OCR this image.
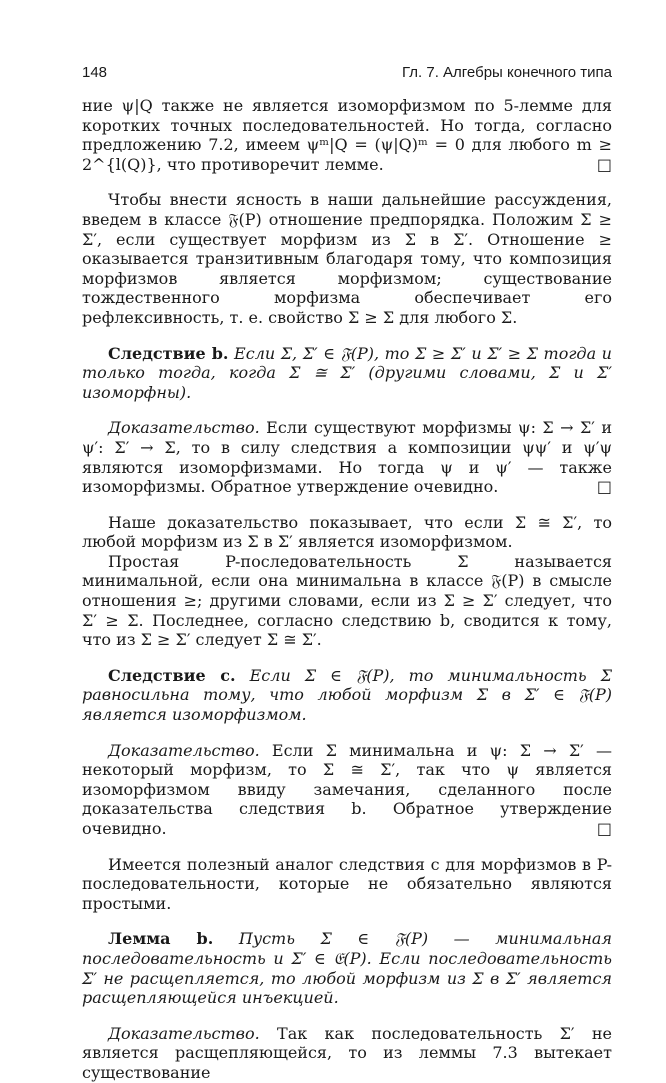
148	Гл. 7. Алгебры конечного типа

ние ψ|Q также не является изоморфизмом по 5-лемме для коротких точных последовательностей. Но тогда, согласно предложению 7.2, имеем ψᵐ|Q = (ψ|Q)ᵐ = 0 для любого m ≥ 2^{l(Q)}, что противоречит лемме.	□

Чтобы внести ясность в наши дальнейшие рассуждения, введем в классе 𝔉(P) отношение предпорядка. Положим Σ ≥ Σ′, если существует морфизм из Σ в Σ′. Отношение ≥ оказывается транзитивным благодаря тому, что композиция морфизмов является морфизмом; существование тождественного морфизма обеспечивает его рефлексивность, т. е. свойство Σ ≥ Σ для любого Σ.

Следствие b. Если Σ, Σ′ ∈ 𝔉(P), то Σ ≥ Σ′ и Σ′ ≥ Σ тогда и только тогда, когда Σ ≅ Σ′ (другими словами, Σ и Σ′ изоморфны).

Доказательство. Если существуют морфизмы ψ: Σ → Σ′ и ψ′: Σ′ → Σ, то в силу следствия a композиции ψψ′ и ψ′ψ являются изоморфизмами. Но тогда ψ и ψ′ — также изоморфизмы. Обратное утверждение очевидно.	□

Наше доказательство показывает, что если Σ ≅ Σ′, то любой морфизм из Σ в Σ′ является изоморфизмом.

Простая P-последовательность Σ называется минимальной, если она минимальна в классе 𝔉(P) в смысле отношения ≥; другими словами, если из Σ ≥ Σ′ следует, что Σ′ ≥ Σ. Последнее, согласно следствию b, сводится к тому, что из Σ ≥ Σ′ следует Σ ≅ Σ′.

Следствие c. Если Σ ∈ 𝔉(P), то минимальность Σ равносильна тому, что любой морфизм Σ в Σ′ ∈ 𝔉(P) является изоморфизмом.

Доказательство. Если Σ минимальна и ψ: Σ → Σ′ — некоторый морфизм, то Σ ≅ Σ′, так что ψ является изоморфизмом ввиду замечания, сделанного после доказательства следствия b. Обратное утверждение очевидно.	□

Имеется полезный аналог следствия c для морфизмов в P-последовательности, которые не обязательно являются простыми.

Лемма b. Пусть Σ ∈ 𝔉(P) — минимальная последовательность и Σ′ ∈ 𝔈(P). Если последовательность Σ′ не расщепляется, то любой морфизм из Σ в Σ′ является расщепляющейся инъекцией.

Доказательство. Так как последовательность Σ′ не является расщепляющейся, то из леммы 7.3 вытекает существование
